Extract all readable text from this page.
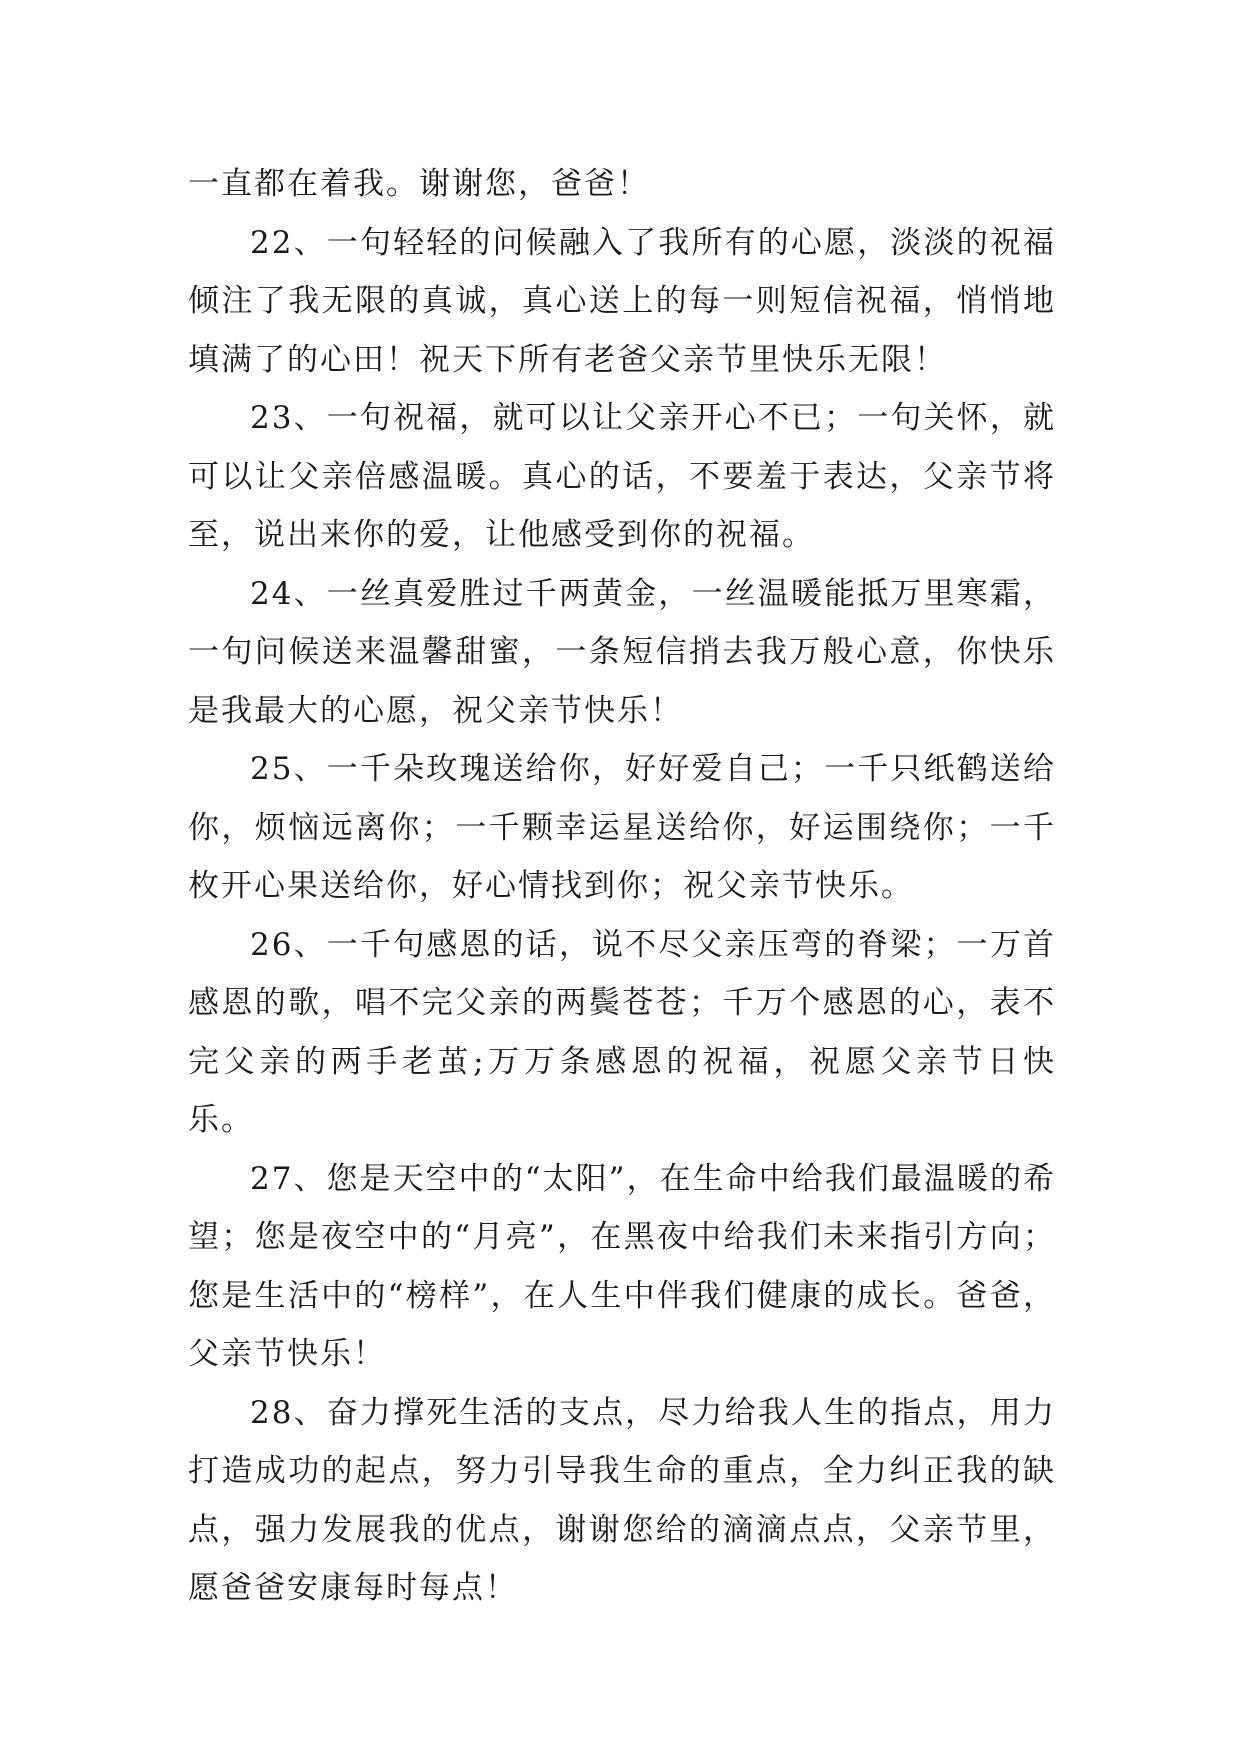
一直都在着我。谢谢您，爸爸！

22、一句轻轻的问候融入了我所有的心愿，淡淡的祝福倾注了我无限的真诚，真心送上的每一则短信祝福，悄悄地填满了的心田！祝天下所有老爸父亲节里快乐无限！

23、一句祝福，就可以让父亲开心不已；一句关怀，就可以让父亲倍感温暖。真心的话，不要羞于表达，父亲节将至，说出来你的爱，让他感受到你的祝福。

24、一丝真爱胜过千两黄金，一丝温暖能抵万里寒霜，一句问候送来温馨甜蜜，一条短信捎去我万般心意，你快乐是我最大的心愿，祝父亲节快乐！

25、一千朵玫瑰送给你，好好爱自己；一千只纸鹤送给你，烦恼远离你；一千颗幸运星送给你，好运围绕你；一千枚开心果送给你，好心情找到你；祝父亲节快乐。

26、一千句感恩的话，说不尽父亲压弯的脊梁；一万首感恩的歌，唱不完父亲的两鬓苍苍；千万个感恩的心，表不完父亲的两手老茧;万万条感恩的祝福，祝愿父亲节日快乐。

27、您是天空中的“太阳”，在生命中给我们最温暖的希望；您是夜空中的“月亮”，在黑夜中给我们未来指引方向；您是生活中的“榜样”，在人生中伴我们健康的成长。爸爸，父亲节快乐！

28、奋力撑死生活的支点，尽力给我人生的指点，用力打造成功的起点，努力引导我生命的重点，全力纠正我的缺点，强力发展我的优点，谢谢您给的滴滴点点，父亲节里，愿爸爸安康每时每点！
